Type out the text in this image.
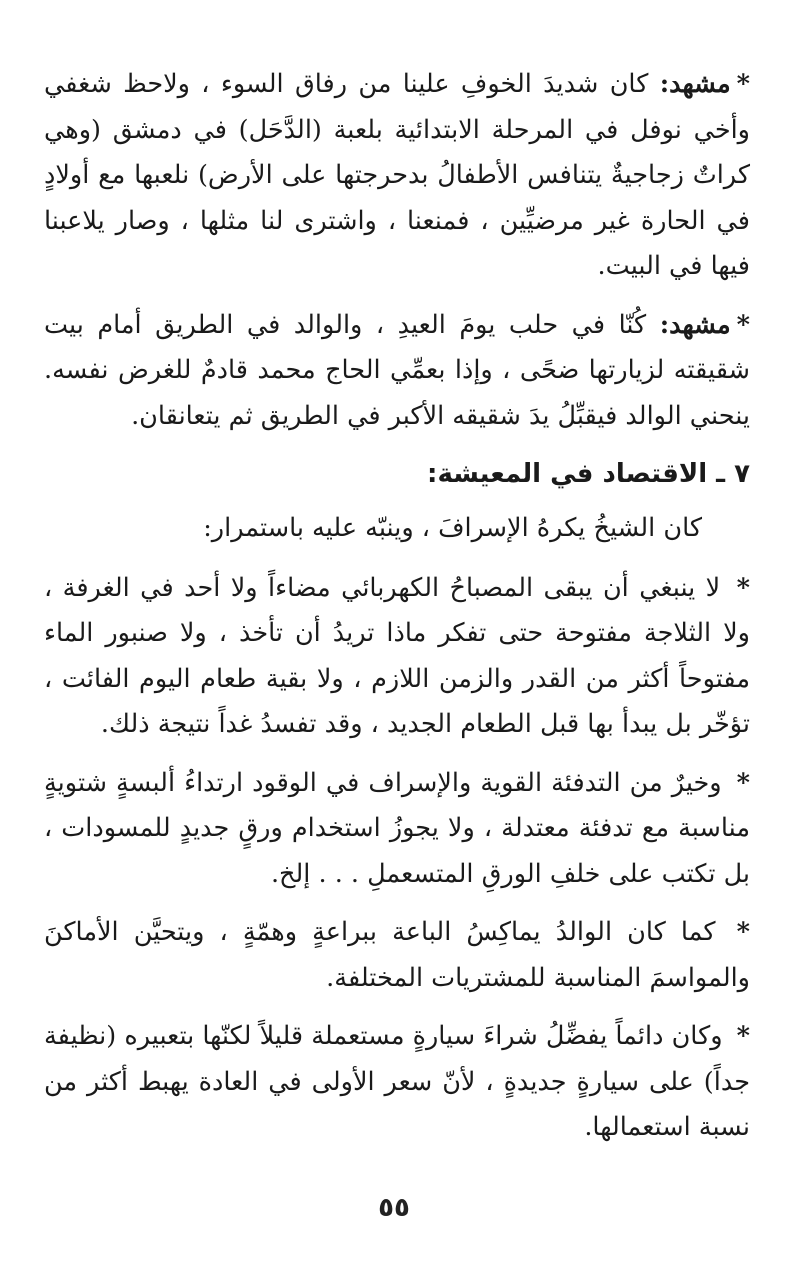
*مشهد: كان شديدَ الخوفِ علينا من رفاق السوء ، ولاحظ شغفي وأخي نوفل في المرحلة الابتدائية بلعبة (الدَّحَل) في دمشق (وهي كراتٌ زجاجيةٌ يتنافس الأطفالُ بدحرجتها على الأرض) نلعبها مع أولادٍ في الحارة غير مرضيِّين ، فمنعنا ، واشترى لنا مثلها ، وصار يلاعبنا فيها في البيت.

*مشهد: كُنّا في حلب يومَ العيدِ ، والوالد في الطريق أمام بيت شقيقته لزيارتها ضحًى ، وإذا بعمِّي الحاج محمد قادمٌ للغرض نفسه. ينحني الوالد فيقبِّلُ يدَ شقيقه الأكبر في الطريق ثم يتعانقان.

٧ ـ الاقتصاد في المعيشة:

كان الشيخُ يكرهُ الإسرافَ ، وينبّه عليه باستمرار:

* لا ينبغي أن يبقى المصباحُ الكهربائي مضاءاً ولا أحد في الغرفة ، ولا الثلاجة مفتوحة حتى تفكر ماذا تريدُ أن تأخذ ، ولا صنبور الماء مفتوحاً أكثر من القدر والزمن اللازم ، ولا بقية طعام اليوم الفائت ، تؤخّر بل يبدأ بها قبل الطعام الجديد ، وقد تفسدُ غداً نتيجة ذلك.

* وخيرٌ من التدفئة القوية والإسراف في الوقود ارتداءُ ألبسةٍ شتويةٍ مناسبة مع تدفئة معتدلة ، ولا يجوزُ استخدام ورقٍ جديدٍ للمسودات ، بل تكتب على خلفِ الورقِ المتسعملِ . . . إلخ.

* كما كان الوالدُ يماكِسُ الباعة ببراعةٍ وهمّةٍ ، ويتحيَّن الأماكنَ والمواسمَ المناسبة للمشتريات المختلفة.

* وكان دائماً يفضِّلُ شراءَ سيارةٍ مستعملة قليلاً لكنّها بتعبيره (نظيفة جداً) على سيارةٍ جديدةٍ ، لأنّ سعر الأولى في العادة يهبط أكثر من نسبة استعمالها.

٥٥
